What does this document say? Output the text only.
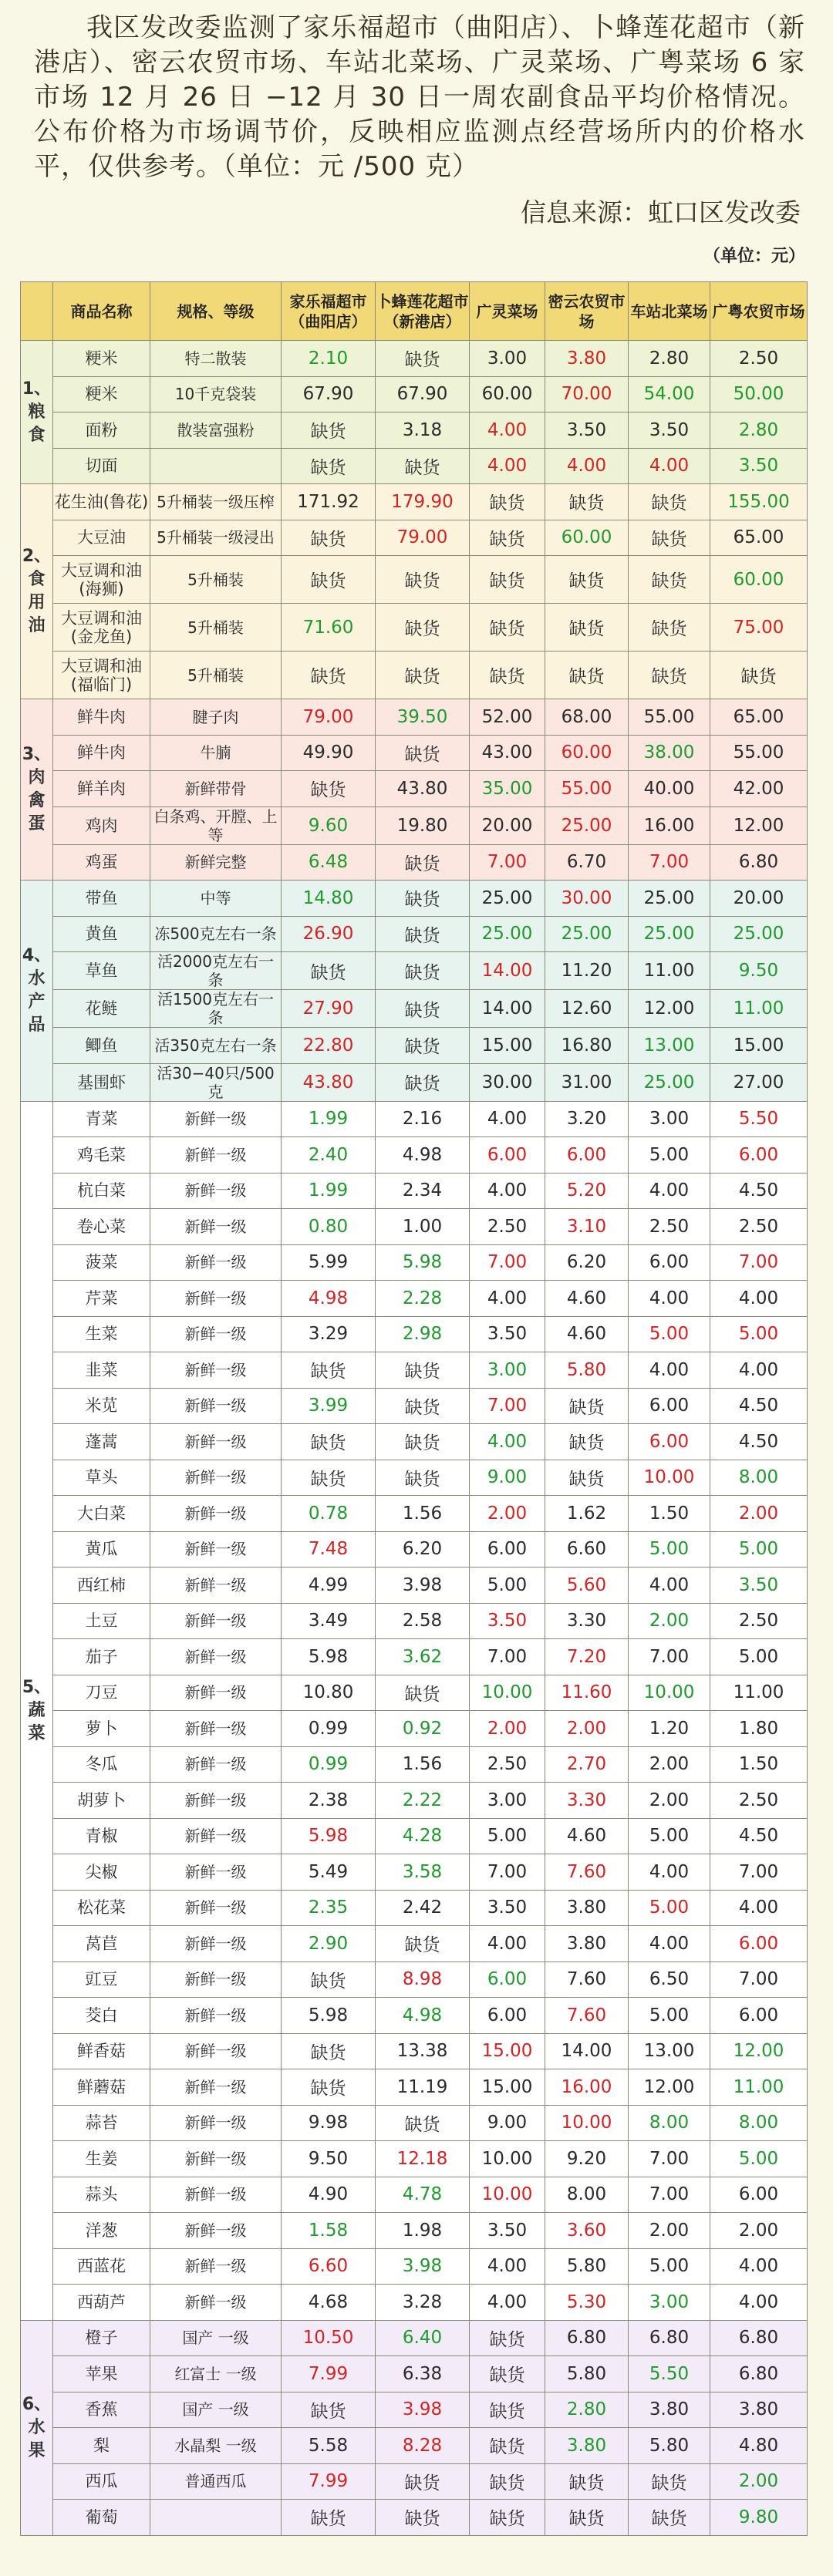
我区发改委监测了家乐福超市（曲阳店）、卜蜂莲花超市（新港店）、密云农贸市场、车站北菜场、广灵菜场、广粤菜场 6 家市场 12 月 26 日 −12 月 30 日一周农副食品平均价格情况。公布价格为市场调节价，反映相应监测点经营场所内的价格水平，仅供参考。（单位：元 /500 克）

信息来源：虹口区发改委
（单位：元）
	商品名称	规格、等级	家乐福超市（曲阳店）	卜蜂莲花超市（新港店）	广灵菜场	密云农贸市场	车站北菜场	广粤农贸市场
1、粮食	粳米	特二散装	2.10	缺货	3.00	3.80	2.80	2.50
	粳米	10千克袋装	67.90	67.90	60.00	70.00	54.00	50.00
	面粉	散装富强粉	缺货	3.18	4.00	3.50	3.50	2.80
	切面		缺货	缺货	4.00	4.00	4.00	3.50
2、食用油	花生油(鲁花)	5升桶装一级压榨	171.92	179.90	缺货	缺货	缺货	155.00
	大豆油	5升桶装一级浸出	缺货	79.00	缺货	60.00	缺货	65.00
	大豆调和油(海狮)	5升桶装	缺货	缺货	缺货	缺货	缺货	60.00
	大豆调和油(金龙鱼)	5升桶装	71.60	缺货	缺货	缺货	缺货	75.00
	大豆调和油(福临门)	5升桶装	缺货	缺货	缺货	缺货	缺货	缺货
3、肉禽蛋	鲜牛肉	腱子肉	79.00	39.50	52.00	68.00	55.00	65.00
	鲜牛肉	牛腩	49.90	缺货	43.00	60.00	38.00	55.00
	鲜羊肉	新鲜带骨	缺货	43.80	35.00	55.00	40.00	42.00
	鸡肉	白条鸡、开膛、上等	9.60	19.80	20.00	25.00	16.00	12.00
	鸡蛋	新鲜完整	6.48	缺货	7.00	6.70	7.00	6.80
4、水产品	带鱼	中等	14.80	缺货	25.00	30.00	25.00	20.00
	黄鱼	冻500克左右一条	26.90	缺货	25.00	25.00	25.00	25.00
	草鱼	活2000克左右一条	缺货	缺货	14.00	11.20	11.00	9.50
	花鲢	活1500克左右一条	27.90	缺货	14.00	12.60	12.00	11.00
	鲫鱼	活350克左右一条	22.80	缺货	15.00	16.80	13.00	15.00
	基围虾	活30−40只/500克	43.80	缺货	30.00	31.00	25.00	27.00
5、蔬菜	青菜	新鲜一级	1.99	2.16	4.00	3.20	3.00	5.50
	鸡毛菜	新鲜一级	2.40	4.98	6.00	6.00	5.00	6.00
	杭白菜	新鲜一级	1.99	2.34	4.00	5.20	4.00	4.50
	卷心菜	新鲜一级	0.80	1.00	2.50	3.10	2.50	2.50
	菠菜	新鲜一级	5.99	5.98	7.00	6.20	6.00	7.00
	芹菜	新鲜一级	4.98	2.28	4.00	4.60	4.00	4.00
	生菜	新鲜一级	3.29	2.98	3.50	4.60	5.00	5.00
	韭菜	新鲜一级	缺货	缺货	3.00	5.80	4.00	4.00
	米苋	新鲜一级	3.99	缺货	7.00	缺货	6.00	4.50
	蓬蒿	新鲜一级	缺货	缺货	4.00	缺货	6.00	4.50
	草头	新鲜一级	缺货	缺货	9.00	缺货	10.00	8.00
	大白菜	新鲜一级	0.78	1.56	2.00	1.62	1.50	2.00
	黄瓜	新鲜一级	7.48	6.20	6.00	6.60	5.00	5.00
	西红柿	新鲜一级	4.99	3.98	5.00	5.60	4.00	3.50
	土豆	新鲜一级	3.49	2.58	3.50	3.30	2.00	2.50
	茄子	新鲜一级	5.98	3.62	7.00	7.20	7.00	5.00
	刀豆	新鲜一级	10.80	缺货	10.00	11.60	10.00	11.00
	萝卜	新鲜一级	0.99	0.92	2.00	2.00	1.20	1.80
	冬瓜	新鲜一级	0.99	1.56	2.50	2.70	2.00	1.50
	胡萝卜	新鲜一级	2.38	2.22	3.00	3.30	2.00	2.50
	青椒	新鲜一级	5.98	4.28	5.00	4.60	5.00	4.50
	尖椒	新鲜一级	5.49	3.58	7.00	7.60	4.00	7.00
	松花菜	新鲜一级	2.35	2.42	3.50	3.80	5.00	4.00
	莴苣	新鲜一级	2.90	缺货	4.00	3.80	4.00	6.00
	豇豆	新鲜一级	缺货	8.98	6.00	7.60	6.50	7.00
	茭白	新鲜一级	5.98	4.98	6.00	7.60	5.00	6.00
	鲜香菇	新鲜一级	缺货	13.38	15.00	14.00	13.00	12.00
	鲜蘑菇	新鲜一级	缺货	11.19	15.00	16.00	12.00	11.00
	蒜苔	新鲜一级	9.98	缺货	9.00	10.00	8.00	8.00
	生姜	新鲜一级	9.50	12.18	10.00	9.20	7.00	5.00
	蒜头	新鲜一级	4.90	4.78	10.00	8.00	7.00	6.00
	洋葱	新鲜一级	1.58	1.98	3.50	3.60	2.00	2.00
	西蓝花	新鲜一级	6.60	3.98	4.00	5.80	5.00	4.00
	西葫芦	新鲜一级	4.68	3.28	4.00	5.30	3.00	4.00
6、水果	橙子	国产 一级	10.50	6.40	缺货	6.80	6.80	6.80
	苹果	红富士 一级	7.99	6.38	缺货	5.80	5.50	6.80
	香蕉	国产 一级	缺货	3.98	缺货	2.80	3.80	3.80
	梨	水晶梨 一级	5.58	8.28	缺货	3.80	5.80	4.80
	西瓜	普通西瓜	7.99	缺货	缺货	缺货	缺货	2.00
	葡萄		缺货	缺货	缺货	缺货	缺货	9.80
